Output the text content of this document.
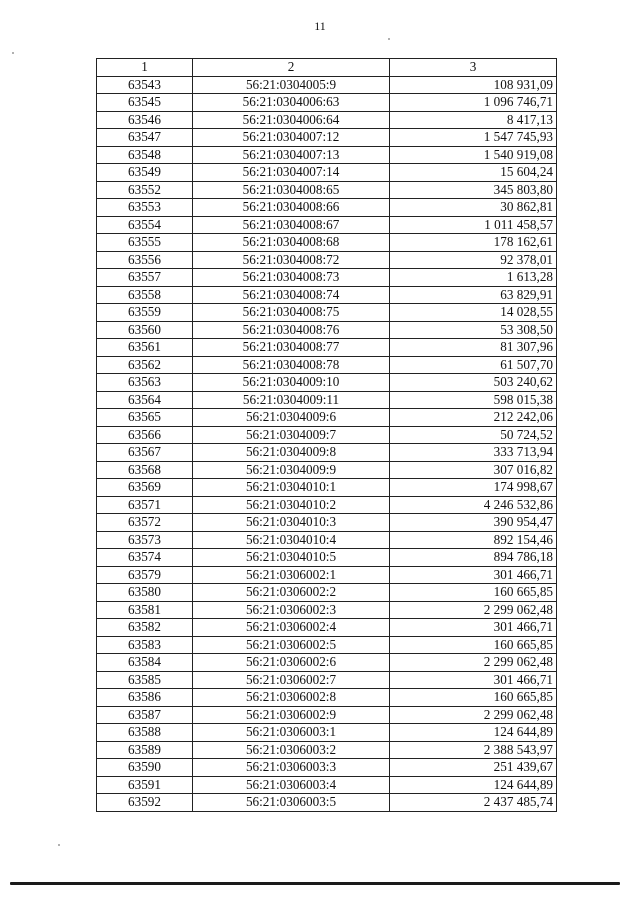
11
1	2	3
63543	56:21:0304005:9	108 931,09
63545	56:21:0304006:63	1 096 746,71
63546	56:21:0304006:64	8 417,13
63547	56:21:0304007:12	1 547 745,93
63548	56:21:0304007:13	1 540 919,08
63549	56:21:0304007:14	15 604,24
63552	56:21:0304008:65	345 803,80
63553	56:21:0304008:66	30 862,81
63554	56:21:0304008:67	1 011 458,57
63555	56:21:0304008:68	178 162,61
63556	56:21:0304008:72	92 378,01
63557	56:21:0304008:73	1 613,28
63558	56:21:0304008:74	63 829,91
63559	56:21:0304008:75	14 028,55
63560	56:21:0304008:76	53 308,50
63561	56:21:0304008:77	81 307,96
63562	56:21:0304008:78	61 507,70
63563	56:21:0304009:10	503 240,62
63564	56:21:0304009:11	598 015,38
63565	56:21:0304009:6	212 242,06
63566	56:21:0304009:7	50 724,52
63567	56:21:0304009:8	333 713,94
63568	56:21:0304009:9	307 016,82
63569	56:21:0304010:1	174 998,67
63571	56:21:0304010:2	4 246 532,86
63572	56:21:0304010:3	390 954,47
63573	56:21:0304010:4	892 154,46
63574	56:21:0304010:5	894 786,18
63579	56:21:0306002:1	301 466,71
63580	56:21:0306002:2	160 665,85
63581	56:21:0306002:3	2 299 062,48
63582	56:21:0306002:4	301 466,71
63583	56:21:0306002:5	160 665,85
63584	56:21:0306002:6	2 299 062,48
63585	56:21:0306002:7	301 466,71
63586	56:21:0306002:8	160 665,85
63587	56:21:0306002:9	2 299 062,48
63588	56:21:0306003:1	124 644,89
63589	56:21:0306003:2	2 388 543,97
63590	56:21:0306003:3	251 439,67
63591	56:21:0306003:4	124 644,89
63592	56:21:0306003:5	2 437 485,74
